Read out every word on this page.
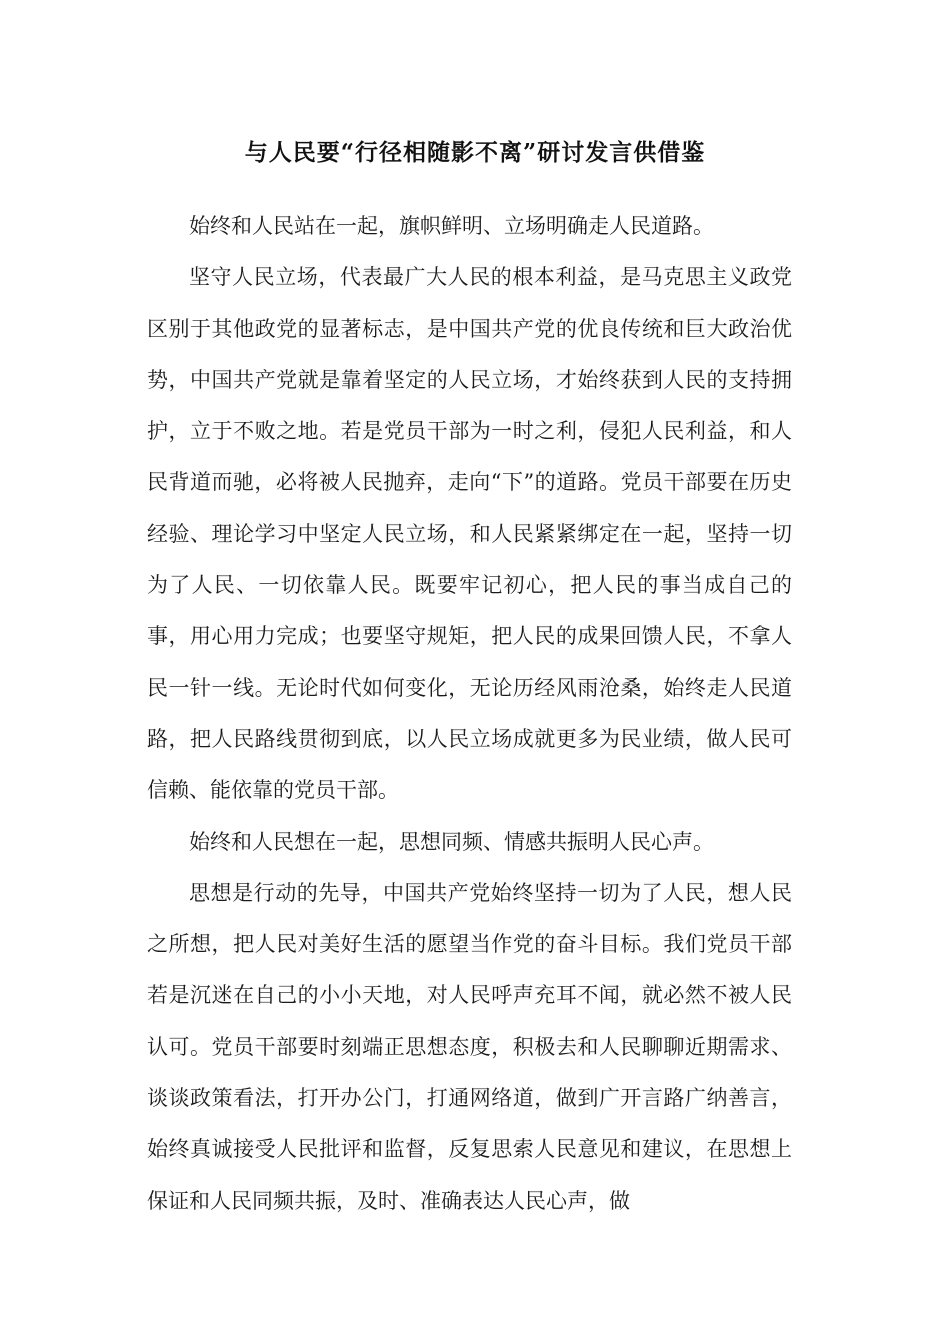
与人民要“行径相随影不离”研讨发言供借鉴

始终和人民站在一起，旗帜鲜明、立场明确走人民道路。

坚守人民立场，代表最广大人民的根本利益，是马克思主义政党区别于其他政党的显著标志，是中国共产党的优良传统和巨大政治优势，中国共产党就是靠着坚定的人民立场，才始终获到人民的支持拥护，立于不败之地。若是党员干部为一时之利，侵犯人民利益，和人民背道而驰，必将被人民抛弃，走向“下”的道路。党员干部要在历史经验、理论学习中坚定人民立场，和人民紧紧绑定在一起，坚持一切为了人民、一切依靠人民。既要牢记初心，把人民的事当成自己的事，用心用力完成；也要坚守规矩，把人民的成果回馈人民，不拿人民一针一线。无论时代如何变化，无论历经风雨沧桑，始终走人民道路，把人民路线贯彻到底，以人民立场成就更多为民业绩，做人民可信赖、能依靠的党员干部。

始终和人民想在一起，思想同频、情感共振明人民心声。

思想是行动的先导，中国共产党始终坚持一切为了人民，想人民之所想，把人民对美好生活的愿望当作党的奋斗目标。我们党员干部若是沉迷在自己的小小天地，对人民呼声充耳不闻，就必然不被人民认可。党员干部要时刻端正思想态度，积极去和人民聊聊近期需求、谈谈政策看法，打开办公门，打通网络道，做到广开言路广纳善言，始终真诚接受人民批评和监督，反复思索人民意见和建议，在思想上保证和人民同频共振，及时、准确表达人民心声，做
